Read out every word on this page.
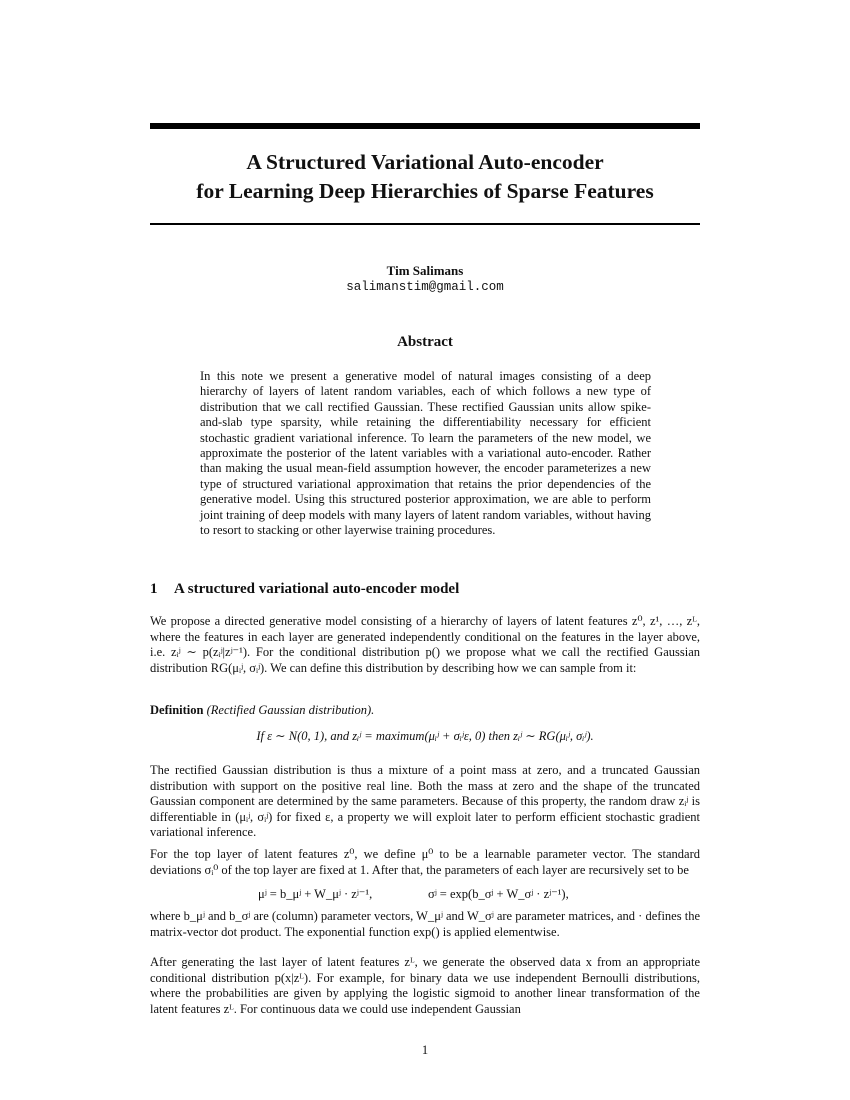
A Structured Variational Auto-encoder
for Learning Deep Hierarchies of Sparse Features
Tim Salimans
salimanstim@gmail.com
Abstract
In this note we present a generative model of natural images consisting of a deep hierarchy of layers of latent random variables, each of which follows a new type of distribution that we call rectified Gaussian. These rectified Gaussian units allow spike-and-slab type sparsity, while retaining the differentiability necessary for efficient stochastic gradient variational inference. To learn the parameters of the new model, we approximate the posterior of the latent variables with a variational auto-encoder. Rather than making the usual mean-field assumption however, the encoder parameterizes a new type of structured variational approximation that retains the prior dependencies of the generative model. Using this structured posterior approximation, we are able to perform joint training of deep models with many layers of latent random variables, without having to resort to stacking or other layerwise training procedures.
1 A structured variational auto-encoder model
We propose a directed generative model consisting of a hierarchy of layers of latent features z⁰, z¹, …, zᴸ, where the features in each layer are generated independently conditional on the features in the layer above, i.e. zᵢʲ ∼ p(zᵢʲ|zʲ⁻¹). For the conditional distribution p() we propose what we call the rectified Gaussian distribution RG(μᵢʲ, σᵢʲ). We can define this distribution by describing how we can sample from it:
Definition (Rectified Gaussian distribution).
If ε ∼ N(0, 1), and zᵢʲ = maximum(μᵢʲ + σᵢʲε, 0) then zᵢʲ ∼ RG(μᵢʲ, σᵢʲ).
The rectified Gaussian distribution is thus a mixture of a point mass at zero, and a truncated Gaussian distribution with support on the positive real line. Both the mass at zero and the shape of the truncated Gaussian component are determined by the same parameters. Because of this property, the random draw zᵢʲ is differentiable in (μᵢʲ, σᵢʲ) for fixed ε, a property we will exploit later to perform efficient stochastic gradient variational inference.
For the top layer of latent features z⁰, we define μ⁰ to be a learnable parameter vector. The standard deviations σᵢ⁰ of the top layer are fixed at 1. After that, the parameters of each layer are recursively set to be
μʲ = b_μʲ + W_μʲ · zʲ⁻¹,	σʲ = exp(b_σʲ + W_σʲ · zʲ⁻¹),
where b_μʲ and b_σʲ are (column) parameter vectors, W_μʲ and W_σʲ are parameter matrices, and · defines the matrix-vector dot product. The exponential function exp() is applied elementwise.
After generating the last layer of latent features zᴸ, we generate the observed data x from an appropriate conditional distribution p(x|zᴸ). For example, for binary data we use independent Bernoulli distributions, where the probabilities are given by applying the logistic sigmoid to another linear transformation of the latent features zᴸ. For continuous data we could use independent Gaussian
1
